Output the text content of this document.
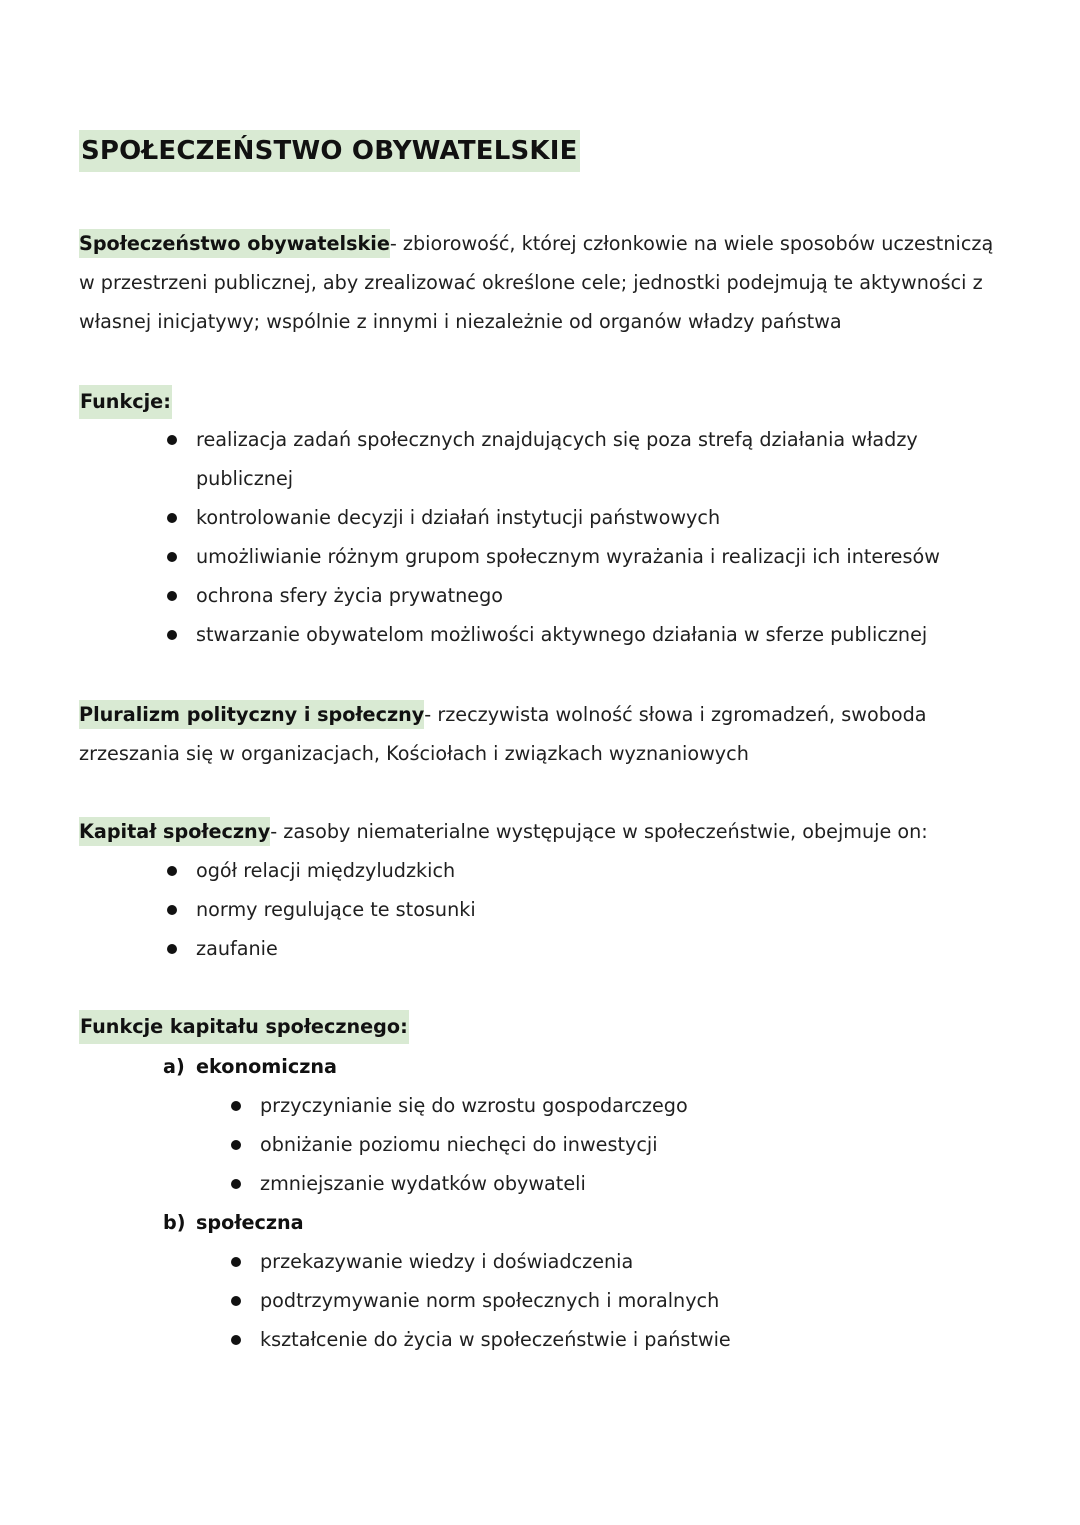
SPOŁECZEŃSTWO OBYWATELSKIE

Społeczeństwo obywatelskie- zbiorowość, której członkowie na wiele sposobów uczestniczą w przestrzeni publicznej, aby zrealizować określone cele; jednostki podejmują te aktywności z własnej inicjatywy; wspólnie z innymi i niezależnie od organów władzy państwa

Funkcje:
realizacja zadań społecznych znajdujących się poza strefą działania władzy publicznej
kontrolowanie decyzji i działań instytucji państwowych
umożliwianie różnym grupom społecznym wyrażania i realizacji ich interesów
ochrona sfery życia prywatnego
stwarzanie obywatelom możliwości aktywnego działania w sferze publicznej

Pluralizm polityczny i społeczny- rzeczywista wolność słowa i zgromadzeń, swoboda zrzeszania się w organizacjach, Kościołach i związkach wyznaniowych

Kapitał społeczny- zasoby niematerialne występujące w społeczeństwie, obejmuje on:

ogół relacji międzyludzkich
normy regulujące te stosunki
zaufanie
Funkcje kapitału społecznego:
a) ekonomiczna
przyczynianie się do wzrostu gospodarczego
obniżanie poziomu niechęci do inwestycji
zmniejszanie wydatków obywateli
b) społeczna
przekazywanie wiedzy i doświadczenia
podtrzymywanie norm społecznych i moralnych
kształcenie do życia w społeczeństwie i państwie
